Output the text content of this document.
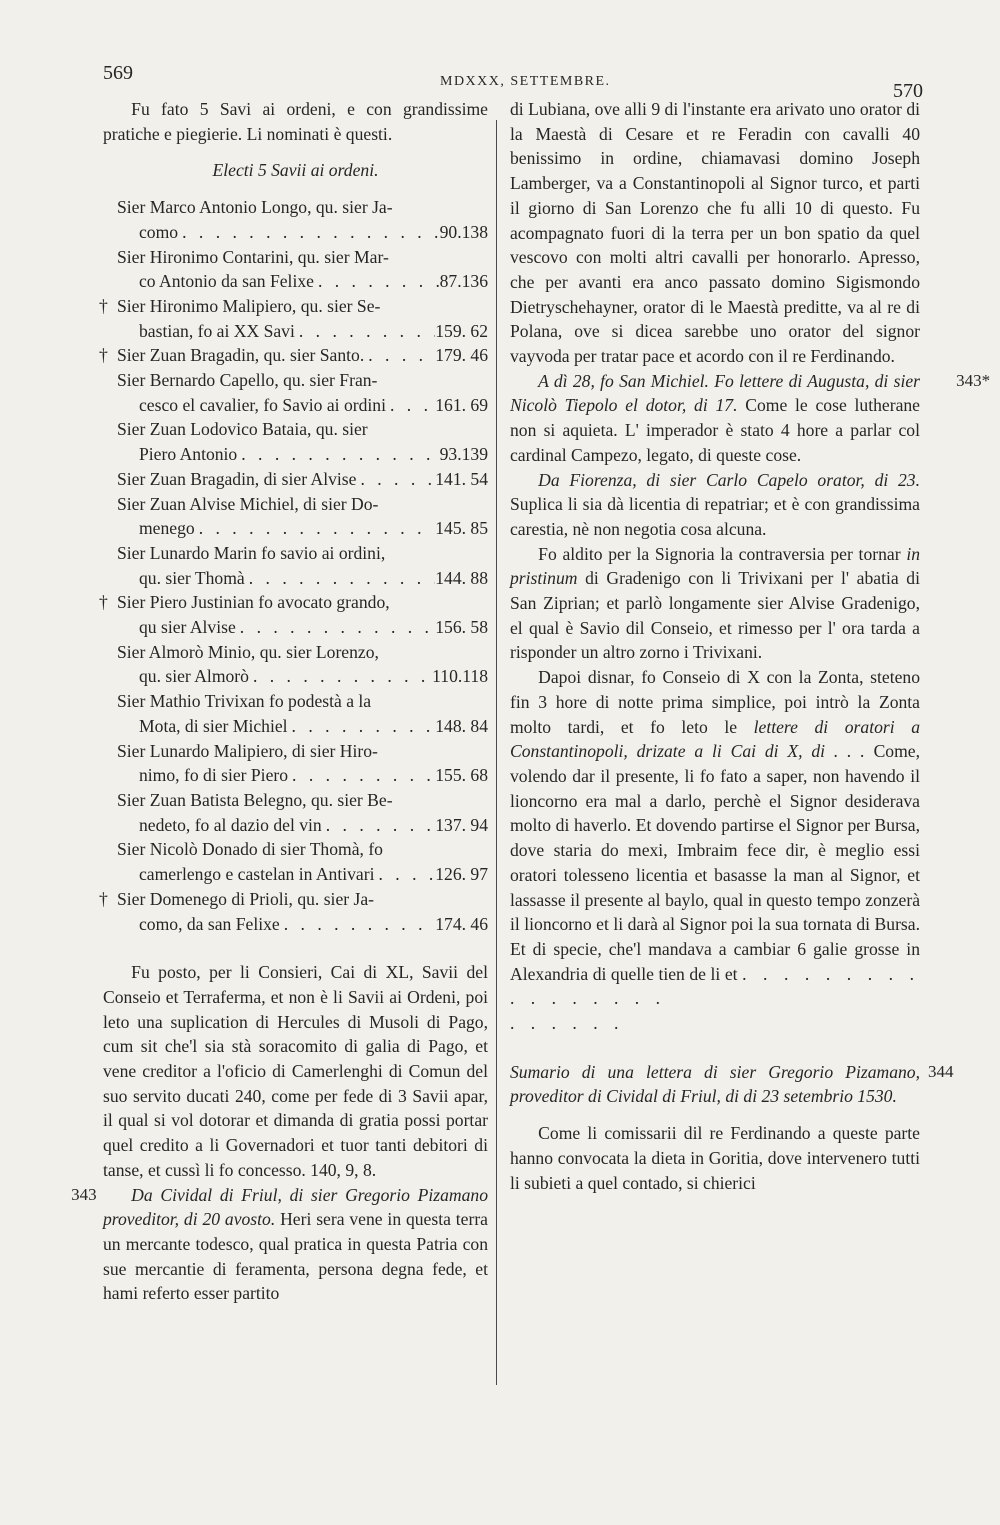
569	MDXXX, SETTEMBRE.	570

Fu fato 5 Savi ai ordeni, e con grandissime pratiche e piegierie. Li nominati è questi.

Electi 5 Savii ai ordeni.

Sier Marco Antonio Longo, qu. sier Ja-
como . . .	90.138
Sier Hironimo Contarini, qu. sier Mar-
co Antonio da san Felixe . . .	87.136
† Sier Hironimo Malipiero, qu. sier Se-
bastian, fo ai XX Savi . . .	159. 62
† Sier Zuan Bragadin, qu. sier Santo. . . .	179. 46
Sier Bernardo Capello, qu. sier Fran-
cesco el cavalier, fo Savio ai ordini . . .	161. 69
Sier Zuan Lodovico Bataia, qu. sier
Piero Antonio . . .	93.139
Sier Zuan Bragadin, di sier Alvise . . .	141. 54
Sier Zuan Alvise Michiel, di sier Do-
menego . . .	145. 85
Sier Lunardo Marin fo savio ai ordini,
qu. sier Thomà . . .	144. 88
† Sier Piero Justinian fo avocato grando,
qu sier Alvise . . .	156. 58
Sier Almorò Minio, qu. sier Lorenzo,
qu. sier Almorò . . .	110.118
Sier Mathio Trivixan fo podestà a la
Mota, di sier Michiel . . .	148. 84
Sier Lunardo Malipiero, di sier Hiro-
nimo, fo di sier Piero . . .	155. 68
Sier Zuan Batista Belegno, qu. sier Be-
nedeto, fo al dazio del vin . . .	137. 94
Sier Nicolò Donado di sier Thomà, fo
camerlengo e castelan in Antivari . . .	126. 97
† Sier Domenego di Prioli, qu. sier Ja-
como, da san Felixe . . .	174. 46

Fu posto, per li Consieri, Cai di XL, Savii del Conseio et Terraferma, et non è li Savii ai Ordeni, poi leto una suplication di Hercules di Musoli di Pago, cum sit che'l sia stà soracomito di galia di Pago, et vene creditor a l'oficio di Camerlenghi di Comun del suo servito ducati 240, come per fede di 3 Savii apar, il qual si vol dotorar et dimanda di gratia possi portar quel credito a li Governadori et tuor tanti debitori di tanse, et cussì li fo concesso. 140, 9, 8.

343 Da Cividal di Friul, di sier Gregorio Pizamano proveditor, di 20 avosto. Heri sera vene in questa terra un mercante todesco, qual pratica in questa Patria con sue mercantie di feramenta, persona degna fede, et hami referto esser partito

di Lubiana, ove alli 9 di l'instante era arivato uno orator di la Maestà di Cesare et re Feradin con cavalli 40 benissimo in ordine, chiamavasi domino Joseph Lamberger, va a Constantinopoli al Signor turco, et parti il giorno di San Lorenzo che fu alli 10 di questo. Fu acompagnato fuori di la terra per un bon spatio da quel vescovo con molti altri cavalli per honorarlo. Apresso, che per avanti era anco passato domino Sigismondo Dietryschehayner, orator di le Maestà preditte, va al re di Polana, ove si dicea sarebbe uno orator del signor vayvoda per tratar pace et acordo con il re Ferdinando.

343*
A dì 28, fo San Michiel. Fo lettere di Augusta, di sier Nicolò Tiepolo el dotor, di 17. Come le cose lutherane non si aquieta. L' imperador è stato 4 hore a parlar col cardinal Campezo, legato, di queste cose.

Da Fiorenza, di sier Carlo Capelo orator, di 23. Suplica li sia dà licentia di repatriar; et è con grandissima carestia, nè non negotia cosa alcuna.

Fo aldito per la Signoria la contraversia per tornar in pristinum di Gradenigo con li Trivixani per l' abatia di San Ziprian; et parlò longamente sier Alvise Gradenigo, el qual è Savio dil Conseio, et rimesso per l' ora tarda a risponder un altro zorno i Trivixani.

Dapoi disnar, fo Conseio di X con la Zonta, steteno fin 3 hore di notte prima simplice, poi intrò la Zonta molto tardi, et fo leto le lettere di oratori a Constantinopoli, drizate a li Cai di X, di . . . Come, volendo dar il presente, li fo fato a saper, non havendo il lioncorno era mal a darlo, perchè el Signor desiderava molto di haverlo. Et dovendo partirse el Signor per Bursa, dove staria do mexi, Imbraim fece dir, è meglio essi oratori tolesseno licentia et basasse la man al Signor, et lassasse il presente al baylo, qual in questo tempo zonzerà il lioncorno et li darà al Signor poi la sua tornata di Bursa. Et di specie, che'l mandava a cambiar 6 galie grosse in Alexandria di quelle tien de li et . . . . . . . . . . . . . . . . .

. . . . . .

344
Sumario di una lettera di sier Gregorio Pizamano, proveditor di Cividal di Friul, di di 23 setembrio 1530.

Come li comissarii dil re Ferdinando a queste parte hanno convocata la dieta in Goritia, dove intervenero tutti li subieti a quel contado, si chierici
